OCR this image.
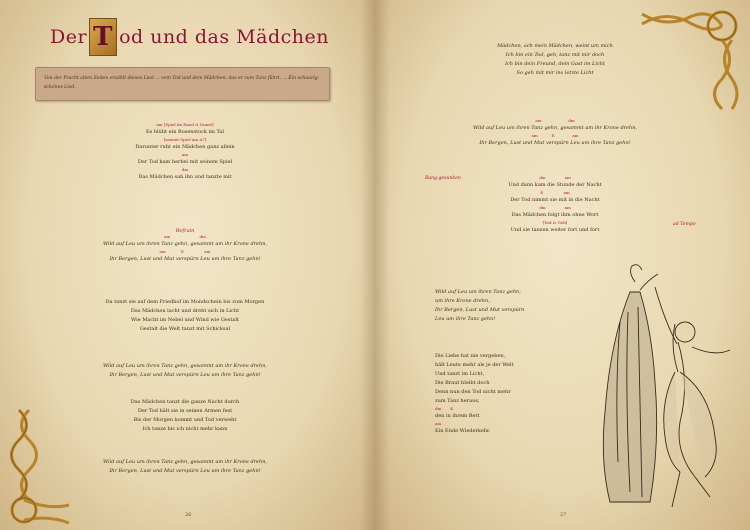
Der T od und das Mädchen
Von der Pracht alten Zeiten erzählt dieses Lied ... vom Tod und dem Mädchen, das er zum Tanz führt. ... Ein schaurig-schönes Lied.
am [Spiel im Rand & Dunst]
Es blüht ein Rosenstock im Tal
[sanner Spiel am A7]
Darunter ruht ein Mädchen ganz allein
am
Der Tod kam herbei mit seinem Spiel
dm
Das Mädchen sah ihn und tanzte mit
Refrain
am                       dm
Wild auf Leu um ihren Tanz gehn, gesammt um ihr Krone drehn,
am            E                am
Ihr Bergen, Lust und Mut verspürn Leu um ihre Tanz gehn!
Da tanzt sie auf dem Friedhof im Mondschein bis zum Morgen
Das Mädchen lacht und dreht sich in Licht
Wie Macht im Nebel und Wind wie Gestalt
Gestalt die Welt tanzt mit Schicksal
Wild auf Leu um ihren Tanz gehn, gesammt um ihr Krone drehn,
Ihr Bergen, Lust und Mut verspürn Leu um ihre Tanz gehn!
Das Mädchen tanzt die ganze Nacht durch
Der Tod hält sie in seinen Armen fest
Bis der Morgen kommt und Tod verweht
Ich tanze bis ich nicht mehr kann
Wild auf Leu um ihren Tanz gehn, gesammt um ihr Krone drehn,
Ihr Bergen, Lust und Mut verspürn Leu um ihre Tanz gehn!
26
Mädchen, ach mein Mädchen, weint um mich
Ich bin ein Tod, geh, tanz mit mir doch
Ich bin dein Freund, dein Gast im Licht
So geh mit mir ins letzte Licht
am                     dm
Wild auf Leu um ihren Tanz gehn, gesammt um ihr Krone drehn,
am           E              am
Ihr Bergen, Lust und Mut verspürn Leu um ihre Tanz gehn!
Bang gesunken
ad Tempo
dm               am
Und dann kam die Stunde der Nacht
E                am
Der Tod nimmt sie mit in die Nacht
dm               am
Das Mädchen folgt ihm ohne Wort
[Tod & Geh]
Und sie tanzen weiter fort und fort
Wild auf Leu um ihren Tanz gehn,
um ihre Krone drehn,
Ihr Bergen, Lust und Mut verspürn
Leu um ihre Tanz gehn!
Die Liebe hat nie vergeben,
hält Leute mehr als je der Welt
Und tanzt im Licht,
Die Braut bleibt doch
Denn nun den Tod nicht mehr
zum Tanz heraus,
dm       E
den in ihrem Bett
am
Ein Ende Wiederkehr.
27
